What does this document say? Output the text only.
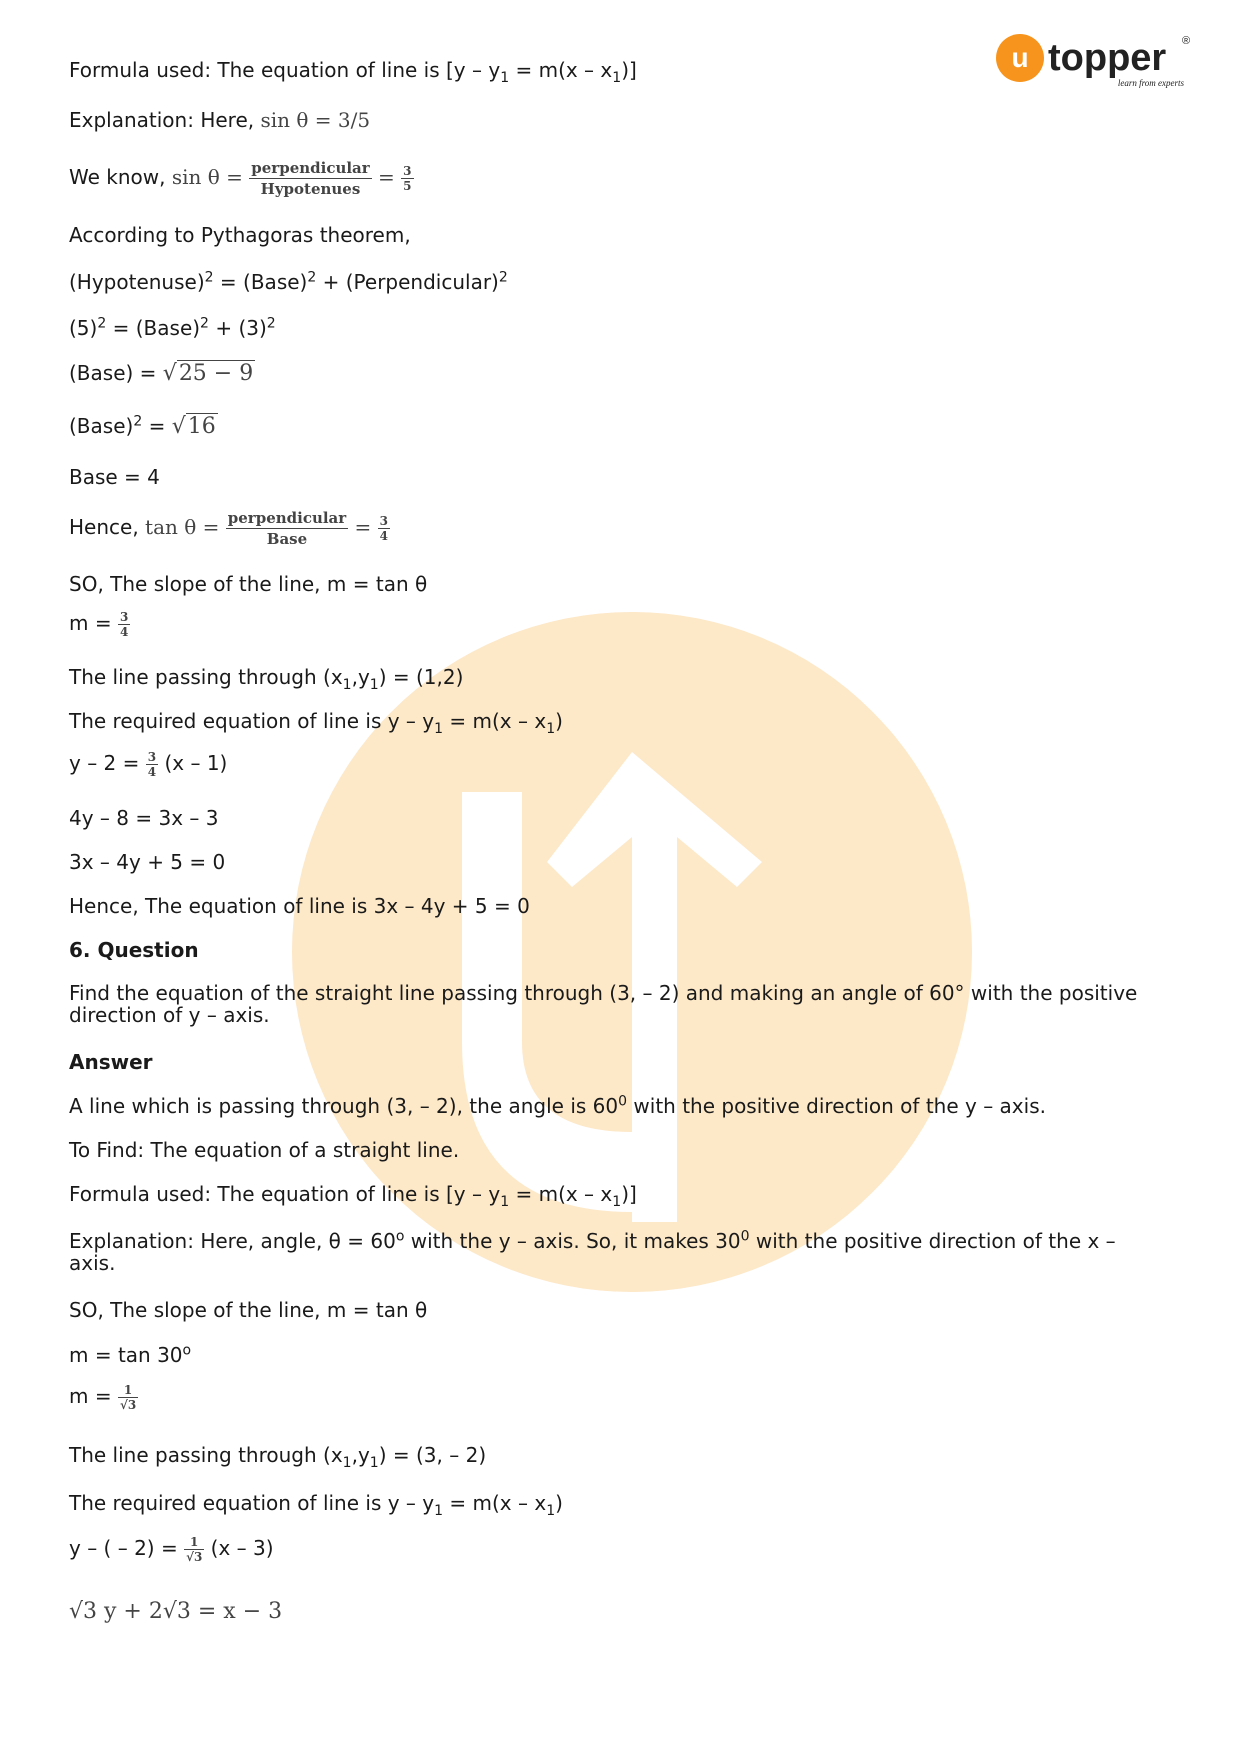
u topper ®
learn from experts
Formula used: The equation of line is $[y - y_1 = m(x - x_1)]$
Explanation: Here, sin θ = 3/5
We know, $\sin \theta = \frac{\text{perpendicular}}{\text{Hypotenues}} = \frac{3}{5}$
According to Pythagoras theorem,
(Hypotenuse)$^2$ = (Base)$^2$ + (Perpendicular)$^2$
$(5)^2$ = (Base)$^2$ + $(3)^2$
(Base) = √25 − 9
(Base)$^2$ = √16
Base = 4
Hence, $\tan \theta = \frac{\text{perpendicular}}{\text{Base}} = \frac{3}{4}$
SO, The slope of the line, m = tan θ
$m = \frac{3}{4}$
The line passing through $(x_1,y_1) = (1,2)$
The required equation of line is $y - y_1 = m(x - x_1)$
$y - 2 = \frac{3}{4} (x - 1)$
4y – 8 = 3x – 3
3x – 4y + 5 = 0
Hence, The equation of line is 3x – 4y + 5 = 0
6. Question
Find the equation of the straight line passing through (3, – 2) and making an angle of 60° with the positive direction of y – axis.
Answer
A line which is passing through (3, – 2), the angle is $60^0$ with the positive direction of the y – axis.
To Find: The equation of a straight line.
Formula used: The equation of line is $[y - y_1 = m(x - x_1)]$
Explanation: Here, angle, $\theta = 60^o$ with the y – axis. So, it makes $30^0$ with the positive direction of the x – axis.
SO, The slope of the line, m = tan θ
m = tan 30$^o$
$m = \frac{1}{√3}$
The line passing through $(x_1,y_1) = (3$, – 2)
The required equation of line is $y - y_1 = m(x - x_1)$
y – ( – $2) = \frac{1}{√3} (x - 3)$
√3 y + 2√3 = x − 3
